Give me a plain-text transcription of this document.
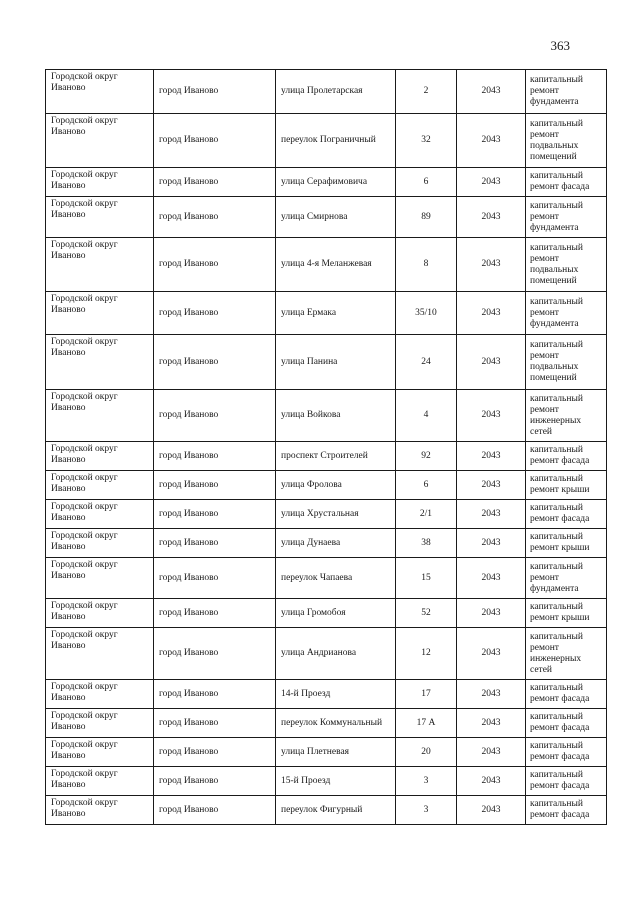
363
Городской округ Иваново	город Иваново	улица Пролетарская	2	2043	капитальный ремонт фундамента

Городской округ Иваново	город Иваново	переулок Пограничный	32	2043	капитальный ремонт подвальных помещений

Городской округ Иваново	город Иваново	улица Серафимовича	6	2043	капитальный ремонт фасада

Городской округ Иваново	город Иваново	улица Смирнова	89	2043	капитальный ремонт фундамента

Городской округ Иваново	город Иваново	улица 4-я Меланжевая	8	2043	капитальный ремонт подвальных помещений

Городской округ Иваново	город Иваново	улица Ермака	35/10	2043	капитальный ремонт фундамента

Городской округ Иваново	город Иваново	улица Панина	24	2043	капитальный ремонт подвальных помещений

Городской округ Иваново	город Иваново	улица Войкова	4	2043	капитальный ремонт инженерных сетей

Городской округ Иваново	город Иваново	проспект Строителей	92	2043	капитальный ремонт фасада

Городской округ Иваново	город Иваново	улица Фролова	6	2043	капитальный ремонт крыши

Городской округ Иваново	город Иваново	улица Хрустальная	2/1	2043	капитальный ремонт фасада

Городской округ Иваново	город Иваново	улица Дунаева	38	2043	капитальный ремонт крыши

Городской округ Иваново	город Иваново	переулок Чапаева	15	2043	капитальный ремонт фундамента

Городской округ Иваново	город Иваново	улица Громобоя	52	2043	капитальный ремонт крыши

Городской округ Иваново	город Иваново	улица Андрианова	12	2043	капитальный ремонт инженерных сетей

Городской округ Иваново	город Иваново	14-й Проезд	17	2043	капитальный ремонт фасада

Городской округ Иваново	город Иваново	переулок Коммунальный	17 А	2043	капитальный ремонт фасада

Городской округ Иваново	город Иваново	улица Плетневая	20	2043	капитальный ремонт фасада

Городской округ Иваново	город Иваново	15-й Проезд	3	2043	капитальный ремонт фасада

Городской округ Иваново	город Иваново	переулок Фигурный	3	2043	капитальный ремонт фасада
